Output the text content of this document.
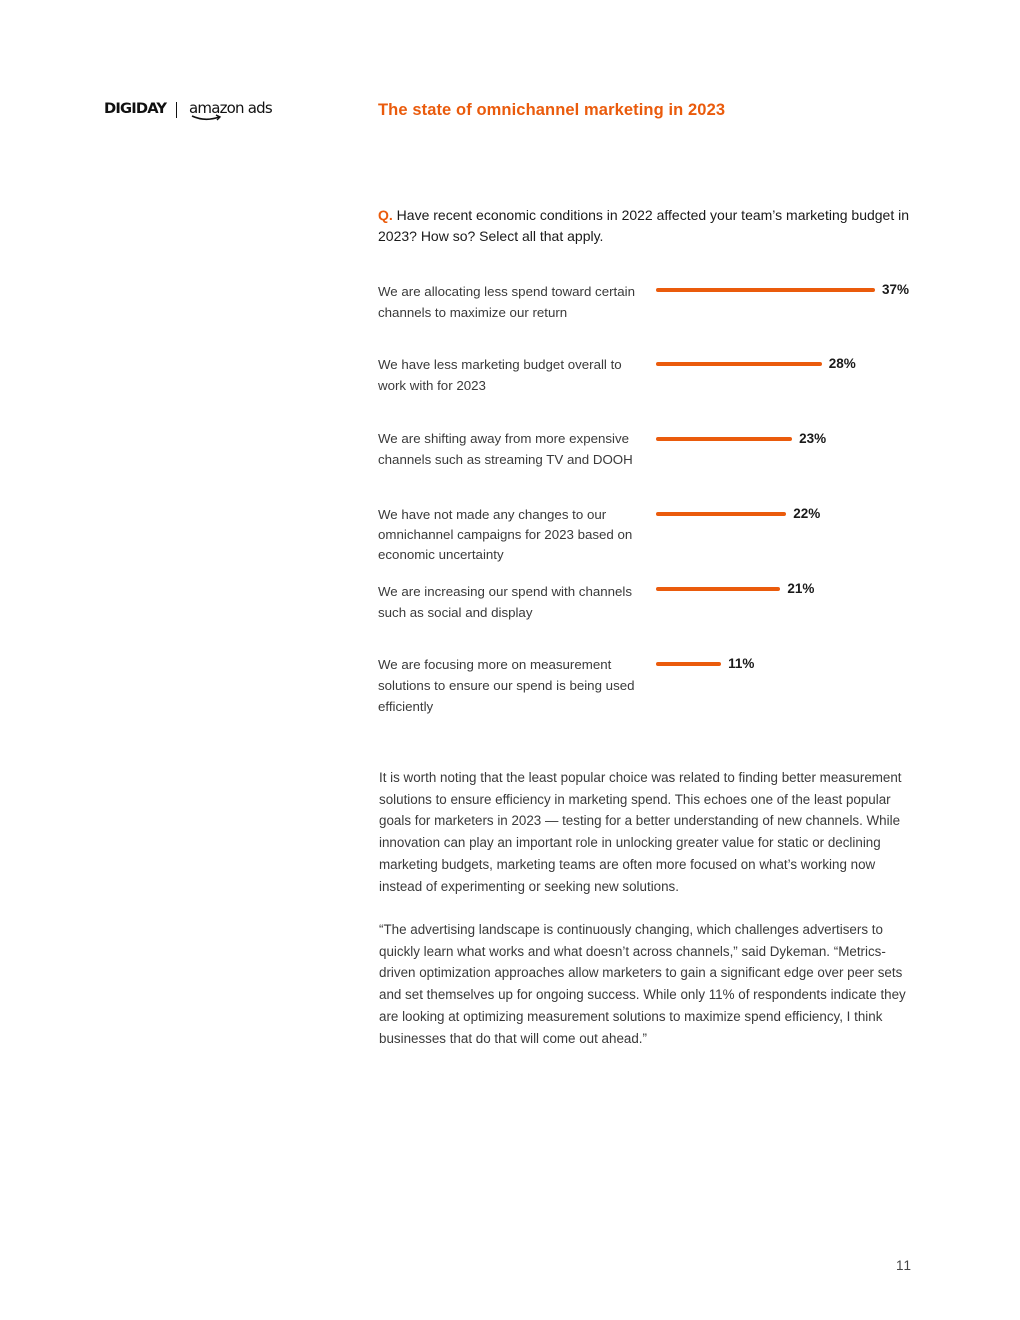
DIGIDAY amazon ads	The state of omnichannel marketing in 2023

Q. Have recent economic conditions in 2022 affected your team’s marketing budget in 2023? How so? Select all that apply.

We are allocating less spend toward certain channels to maximize our return

We have less marketing budget overall to work with for 2023

We are shifting away from more expensive channels such as streaming TV and DOOH

We have not made any changes to our omnichannel campaigns for 2023 based on economic uncertainty

We are increasing our spend with channels such as social and display

We are focusing more on measurement solutions to ensure our spend is being used efficiently

37%
28%
23%
22%
21%
11%

It is worth noting that the least popular choice was related to finding better measurement solutions to ensure efficiency in marketing spend. This echoes one of the least popular goals for marketers in 2023 — testing for a better understanding of new channels. While innovation can play an important role in unlocking greater value for static or declining marketing budgets, marketing teams are often more focused on what’s working now instead of experimenting or seeking new solutions.

“The advertising landscape is continuously changing, which challenges advertisers to quickly learn what works and what doesn’t across channels,” said Dykeman. “Metrics-driven optimization approaches allow marketers to gain a significant edge over peer sets and set themselves up for ongoing success. While only 11% of respondents indicate they are looking at optimizing measurement solutions to maximize spend efficiency, I think businesses that do that will come out ahead.”

11
